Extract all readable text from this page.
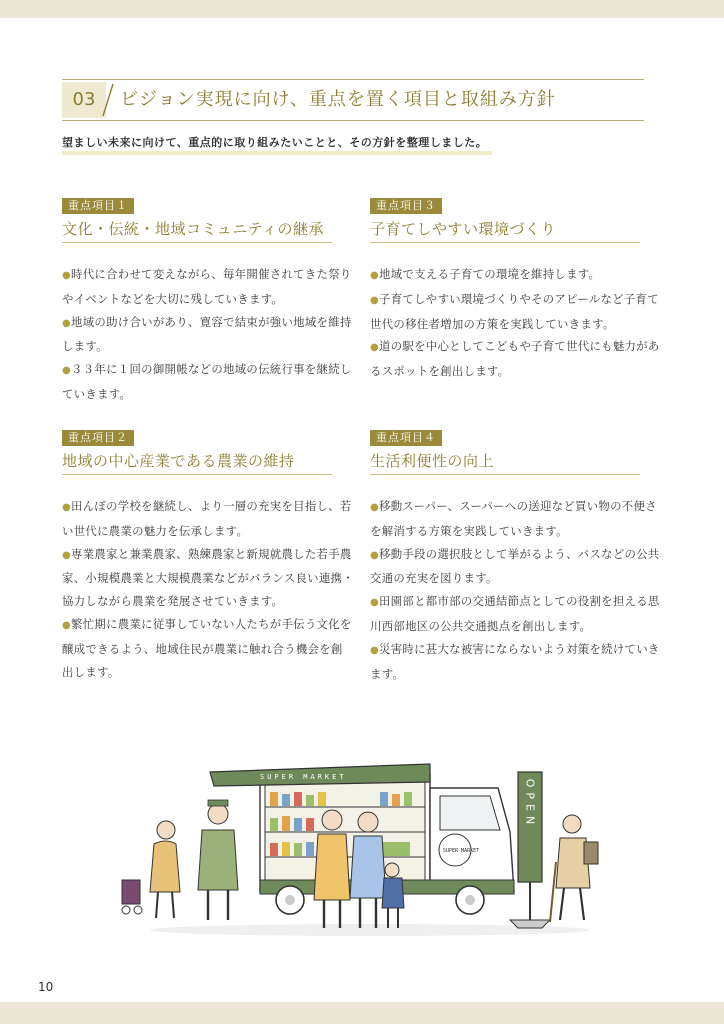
03	ビジョン実現に向け、重点を置く項目と取組み方針
望ましい未来に向けて、重点的に取り組みたいことと、その方針を整理しました。
重点項目１
文化・伝統・地域コミュニティの継承
●時代に合わせて変えながら、毎年開催されてきた祭りやイベントなどを大切に残していきます。
●地域の助け合いがあり、寛容で結束が強い地域を維持します。
●３３年に１回の御開帳などの地域の伝統行事を継続していきます。
重点項目３
子育てしやすい環境づくり
●地域で支える子育ての環境を維持します。
●子育てしやすい環境づくりやそのアピールなど子育て世代の移住者増加の方策を実践していきます。
●道の駅を中心としてこどもや子育て世代にも魅力があるスポットを創出します。
重点項目２
地域の中心産業である農業の維持
●田んぼの学校を継続し、より一層の充実を目指し、若い世代に農業の魅力を伝承します。
●専業農家と兼業農家、熟練農家と新規就農した若手農家、小規模農業と大規模農業などがバランス良い連携・協力しながら農業を発展させていきます。
●繁忙期に農業に従事していない人たちが手伝う文化を醸成できるよう、地域住民が農業に触れ合う機会を創出します。
重点項目４
生活利便性の向上
●移動スーパー、スーパーへの送迎など買い物の不便さを解消する方策を実践していきます。
●移動手段の選択肢として挙がるよう、バスなどの公共交通の充実を図ります。
●田園部と都市部の交通結節点としての役割を担える思川西部地区の公共交通拠点を創出します。
●災害時に甚大な被害にならないよう対策を続けていきます。
SUPER MARKET
SUPER MARKET
OPEN
10
